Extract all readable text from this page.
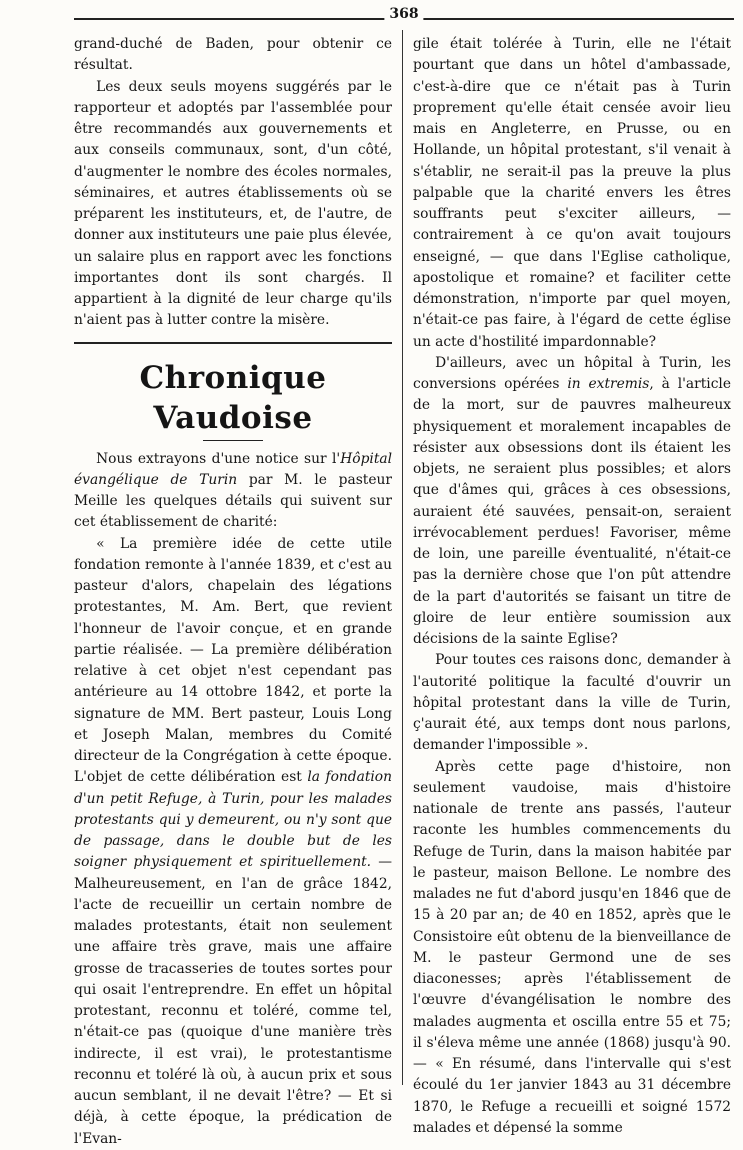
368

grand-duché de Baden, pour obtenir ce résultat.

Les deux seuls moyens suggérés par le rapporteur et adoptés par l'assemblée pour être recommandés aux gouvernements et aux conseils communaux, sont, d'un côté, d'augmenter le nombre des écoles normales, séminaires, et autres établissements où se préparent les instituteurs, et, de l'autre, de donner aux instituteurs une paie plus élevée, un salaire plus en rapport avec les fonctions importantes dont ils sont chargés. Il appartient à la dignité de leur charge qu'ils n'aient pas à lutter contre la misère.

Chronique Vaudoise

Nous extrayons d'une notice sur l'Hôpital évangélique de Turin par M. le pasteur Meille les quelques détails qui suivent sur cet établissement de charité:

« La première idée de cette utile fondation remonte à l'année 1839, et c'est au pasteur d'alors, chapelain des légations protestantes, M. Am. Bert, que revient l'honneur de l'avoir conçue, et en grande partie réalisée. — La première délibération relative à cet objet n'est cependant pas antérieure au 14 ottobre 1842, et porte la signature de MM. Bert pasteur, Louis Long et Joseph Malan, membres du Comité directeur de la Congrégation à cette époque. L'objet de cette délibération est la fondation d'un petit Refuge, à Turin, pour les malades protestants qui y demeurent, ou n'y sont que de passage, dans le double but de les soigner physiquement et spirituellement. — Malheureusement, en l'an de grâce 1842, l'acte de recueillir un certain nombre de malades protestants, était non seulement une affaire très grave, mais une affaire grosse de tracasseries de toutes sortes pour qui osait l'entreprendre. En effet un hôpital protestant, reconnu et toléré, comme tel, n'était-ce pas (quoique d'une manière très indirecte, il est vrai), le protestantisme reconnu et toléré là où, à aucun prix et sous aucun semblant, il ne devait l'être? — Et si déjà, à cette époque, la prédication de l'Evan-

gile était tolérée à Turin, elle ne l'était pourtant que dans un hôtel d'ambassade, c'est-à-dire que ce n'était pas à Turin proprement qu'elle était censée avoir lieu mais en Angleterre, en Prusse, ou en Hollande, un hôpital protestant, s'il venait à s'établir, ne serait-il pas la preuve la plus palpable que la charité envers les êtres souffrants peut s'exciter ailleurs, — contrairement à ce qu'on avait toujours enseigné, — que dans l'Eglise catholique, apostolique et romaine? et faciliter cette démonstration, n'importe par quel moyen, n'était-ce pas faire, à l'égard de cette église un acte d'hostilité impardonnable?

D'ailleurs, avec un hôpital à Turin, les conversions opérées in extremis, à l'article de la mort, sur de pauvres malheureux physiquement et moralement incapables de résister aux obsessions dont ils étaient les objets, ne seraient plus possibles; et alors que d'âmes qui, grâces à ces obsessions, auraient été sauvées, pensait-on, seraient irrévocablement perdues! Favoriser, même de loin, une pareille éventualité, n'était-ce pas la dernière chose que l'on pût attendre de la part d'autorités se faisant un titre de gloire de leur entière soumission aux décisions de la sainte Eglise?

Pour toutes ces raisons donc, demander à l'autorité politique la faculté d'ouvrir un hôpital protestant dans la ville de Turin, ç'aurait été, aux temps dont nous parlons, demander l'impossible ».

Après cette page d'histoire, non seulement vaudoise, mais d'histoire nationale de trente ans passés, l'auteur raconte les humbles commencements du Refuge de Turin, dans la maison habitée par le pasteur, maison Bellone. Le nombre des malades ne fut d'abord jusqu'en 1846 que de 15 à 20 par an; de 40 en 1852, après que le Consistoire eût obtenu de la bienveillance de M. le pasteur Germond une de ses diaconesses; après l'établissement de l'œuvre d'évangélisation le nombre des malades augmenta et oscilla entre 55 et 75; il s'éleva même une année (1868) jusqu'à 90. — « En résumé, dans l'intervalle qui s'est écoulé du 1er janvier 1843 au 31 décembre 1870, le Refuge a recueilli et soigné 1572 malades et dépensé la somme
